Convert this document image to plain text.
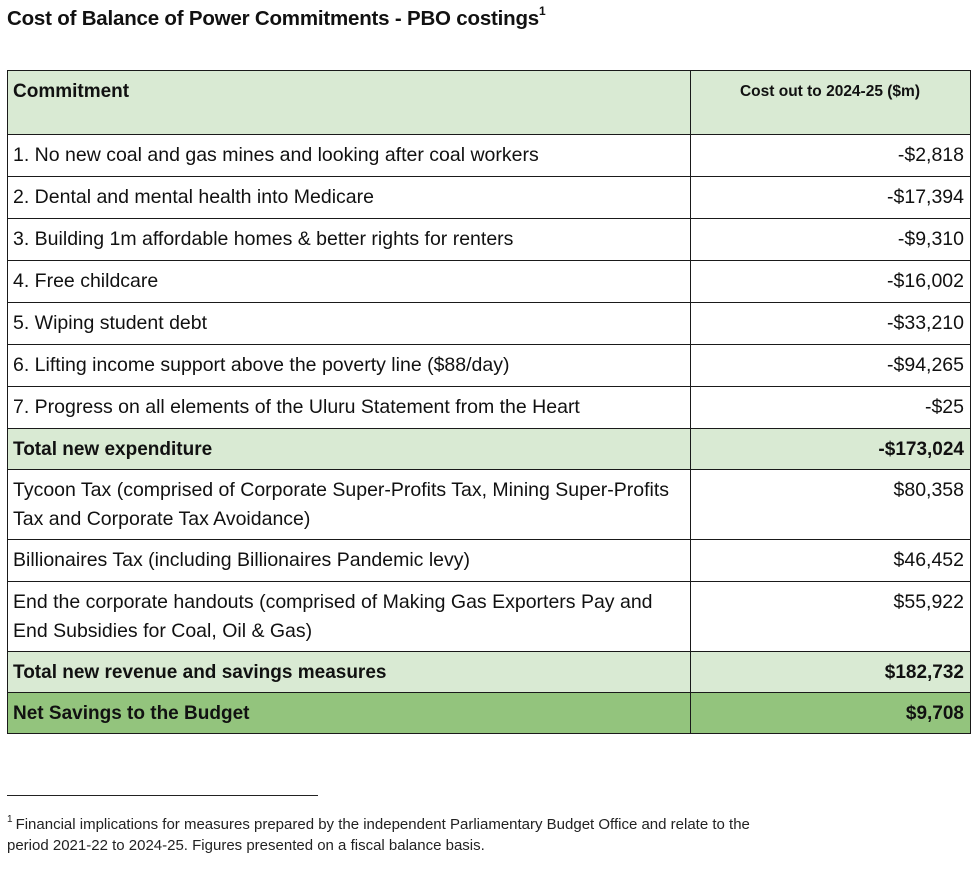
Cost of Balance of Power Commitments - PBO costings$^1$
Commitment	Cost out to 2024-25 ($m)
1. No new coal and gas mines and looking after coal workers	-$2,818
2. Dental and mental health into Medicare	-$17,394
3. Building 1m affordable homes & better rights for renters	-$9,310
4. Free childcare	-$16,002
5. Wiping student debt	-$33,210
6. Lifting income support above the poverty line ($88/day)	-$94,265
7. Progress on all elements of the Uluru Statement from the Heart	-$25
Total new expenditure	-$173,024
Tycoon Tax (comprised of Corporate Super-Profits Tax, Mining Super-Profits Tax and Corporate Tax Avoidance)	$80,358
Billionaires Tax (including Billionaires Pandemic levy)	$46,452
End the corporate handouts (comprised of Making Gas Exporters Pay and End Subsidies for Coal, Oil & Gas)	$55,922
Total new revenue and savings measures	$182,732
Net Savings to the Budget	$9,708
$^1$ Financial implications for measures prepared by the independent Parliamentary Budget Office and relate to the period 2021-22 to 2024-25. Figures presented on a fiscal balance basis.
